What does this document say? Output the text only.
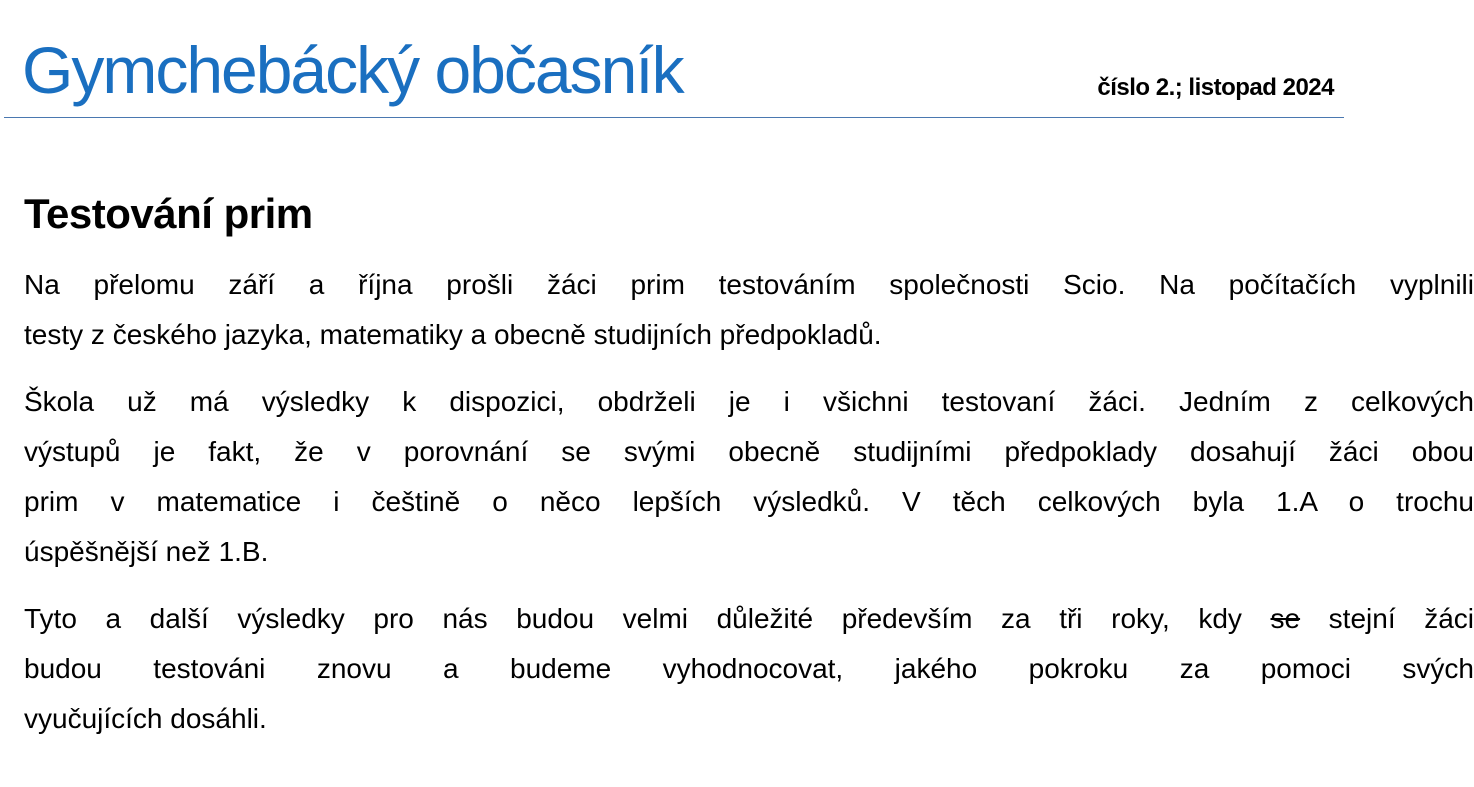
Gymchebácký občasník	číslo 2.; listopad 2024
Testování prim

Na přelomu září a října prošli žáci prim testováním společnosti Scio. Na počítačích vyplnili
testy z českého jazyka, matematiky a obecně studijních předpokladů.

Škola už má výsledky k dispozici, obdrželi je i všichni testovaní žáci. Jedním z celkových
výstupů je fakt, že v porovnání se svými obecně studijními předpoklady dosahují žáci obou
prim v matematice i češtině o něco lepších výsledků. V těch celkových byla 1.A o trochu
úspěšnější než 1.B.

Tyto a další výsledky pro nás budou velmi důležité především za tři roky, kdy se stejní žáci
budou testováni znovu a budeme vyhodnocovat, jakého pokroku za pomoci svých
vyučujících dosáhli.
